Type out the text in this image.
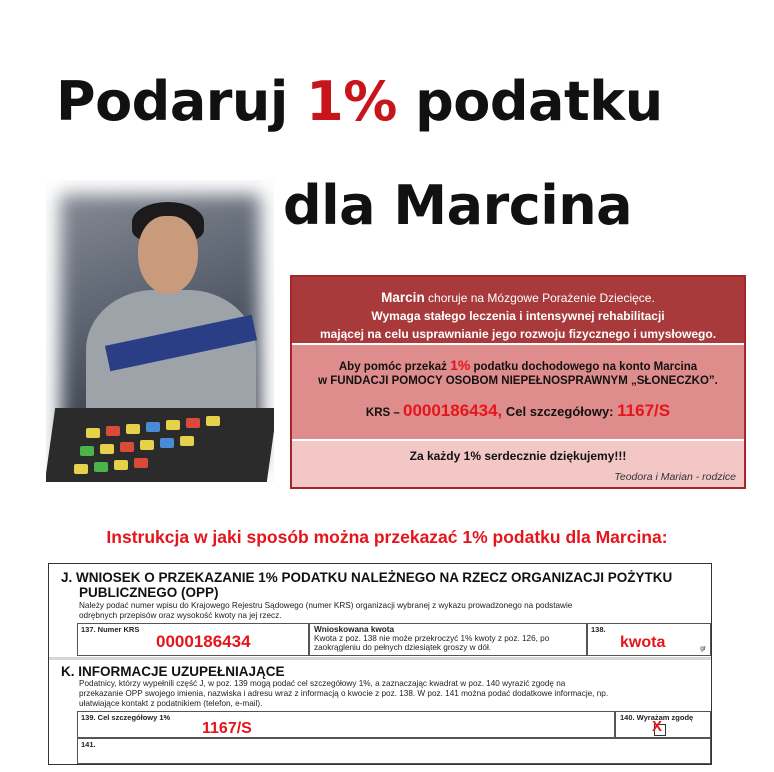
Podaruj 1% podatku
dla Marcina
Marcin choruje na Mózgowe Porażenie Dziecięce.
Wymaga stałego leczenia i intensywnej rehabilitacji
mającej na celu usprawnianie jego rozwoju fizycznego i umysłowego.
Aby pomóc przekaż 1% podatku dochodowego na konto Marcina
w FUNDACJI POMOCY OSOBOM NIEPEŁNOSPRAWNYM „SŁONECZKO”.
KRS – 0000186434, Cel szczegółowy: 1167/S
Za każdy 1% serdecznie dziękujemy!!!
Teodora i Marian - rodzice
Instrukcja w jaki sposób można przekazać 1% podatku dla Marcina:
J. WNIOSEK O PRZEKAZANIE 1% PODATKU NALEŻNEGO NA RZECZ ORGANIZACJI POŻYTKU
PUBLICZNEGO (OPP)
Należy podać numer wpisu do Krajowego Rejestru Sądowego (numer KRS) organizacji wybranej z wykazu prowadzonego na podstawie
odrębnych przepisów oraz wysokość kwoty na jej rzecz.
137. Numer KRS
0000186434
Wnioskowana kwota
Kwota z poz. 138 nie może przekroczyć 1% kwoty z poz. 126, po
zaokrągleniu do pełnych dziesiątek groszy w dół.
138.
kwota	gr
K. INFORMACJE UZUPEŁNIAJĄCE
Podatnicy, którzy wypełnili część J, w poz. 139 mogą podać cel szczegółowy 1%, a zaznaczając kwadrat w poz. 140 wyrazić zgodę na
przekazanie OPP swojego imienia, nazwiska i adresu wraz z informacją o kwocie z poz. 138. W poz. 141 można podać dodatkowe informacje, np.
ułatwiające kontakt z podatnikiem (telefon, e-mail).
139. Cel szczegółowy 1%
1167/S
140. Wyrażam zgodę
X
141.
